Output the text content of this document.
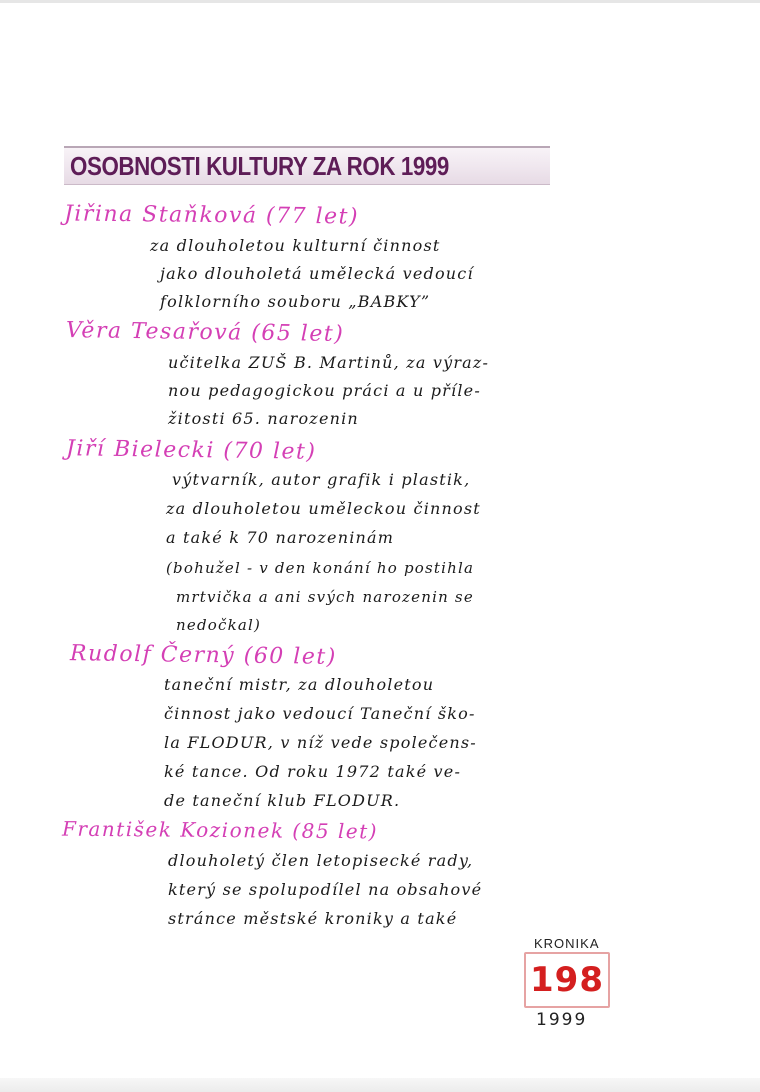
OSOBNOSTI KULTURY ZA ROK 1999
Jiřina Staňková (77 let)
za dlouholetou kulturní činnost
jako dlouholetá umělecká vedoucí
folklorního souboru „BABKY”
Věra Tesařová (65 let)
učitelka ZUŠ B. Martinů, za výraz-
nou pedagogickou práci a u příle-
žitosti 65. narozenin
Jiří Bielecki (70 let)
výtvarník, autor grafik i plastik,
za dlouholetou uměleckou činnost
a také k 70 narozeninám
(bohužel - v den konání ho postihla
mrtvička a ani svých narozenin se
nedočkal)
Rudolf Černý (60 let)
taneční mistr, za dlouholetou
činnost jako vedoucí Taneční ško-
la FLODUR, v níž vede společens-
ké tance. Od roku 1972 také ve-
de taneční klub FLODUR.
František Kozionek (85 let)
dlouholetý člen letopisecké rady,
který se spolupodílel na obsahové
stránce městské kroniky a také
KRONIKA
198
1999
